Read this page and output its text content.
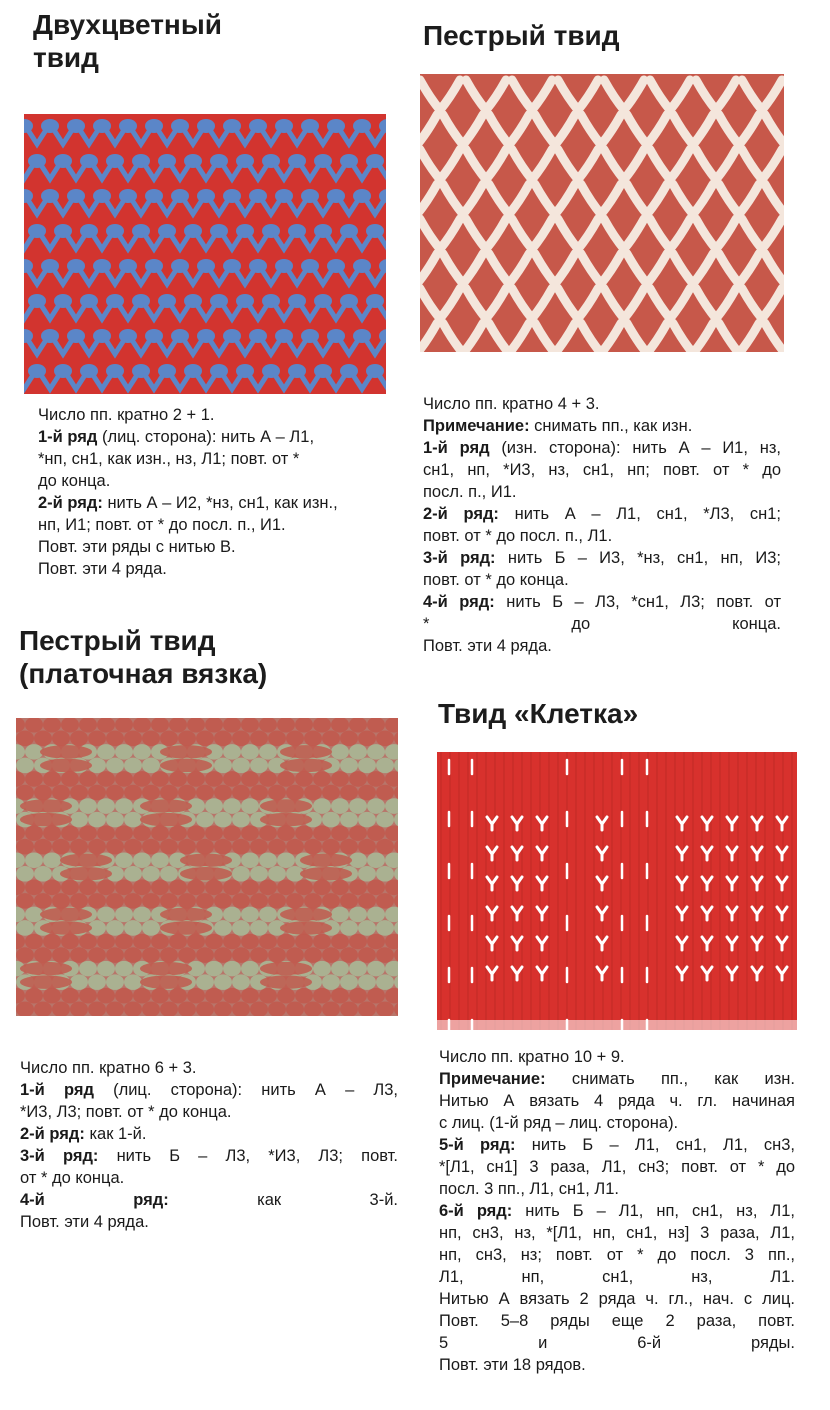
Двухцветный
твид
Число пп. кратно 2 + 1.
1-й ряд (лиц. сторона): нить А – Л1,
*нп, сн1, как изн., нз, Л1; повт. от *
до конца.
2-й ряд: нить А – И2, *нз, сн1, как изн.,
нп, И1; повт. от * до посл. п., И1.
Повт. эти ряды с нитью В.
Повт. эти 4 ряда.
Пестрый твид
Число пп. кратно 4 + 3.
Примечание: снимать пп., как изн.
1-й ряд (изн. сторона): нить А – И1, нз,
сн1, нп, *И3, нз, сн1, нп; повт. от * до
посл. п., И1.
2-й ряд: нить А – Л1, сн1, *Л3, сн1;
повт. от * до посл. п., Л1.
3-й ряд: нить Б – И3, *нз, сн1, нп, И3;
повт. от * до конца.
4-й ряд: нить Б – Л3, *сн1, Л3; повт. от
* до конца.
Повт. эти 4 ряда.
Пестрый твид
(платочная вязка)
Число пп. кратно 6 + 3.
1-й ряд (лиц. сторона): нить А – Л3,
*И3, Л3; повт. от * до конца.
2-й ряд: как 1-й.
3-й ряд: нить Б – Л3, *И3, Л3; повт.
от * до конца.
4-й ряд: как 3-й.
Повт. эти 4 ряда.
Твид «Клетка»
Число пп. кратно 10 + 9.
Примечание: снимать пп., как изн.
Нитью А вязать 4 ряда ч. гл. начиная
с лиц. (1-й ряд – лиц. сторона).
5-й ряд: нить Б – Л1, сн1, Л1, сн3,
*[Л1, сн1] 3 раза, Л1, сн3; повт. от * до
посл. 3 пп., Л1, сн1, Л1.
6-й ряд: нить Б – Л1, нп, сн1, нз, Л1,
нп, сн3, нз, *[Л1, нп, сн1, нз] 3 раза, Л1,
нп, сн3, нз; повт. от * до посл. 3 пп.,
Л1, нп, сн1, нз, Л1.
Нитью А вязать 2 ряда ч. гл., нач. с лиц.
Повт. 5–8 ряды еще 2 раза, повт.
5 и 6-й ряды.
Повт. эти 18 рядов.
